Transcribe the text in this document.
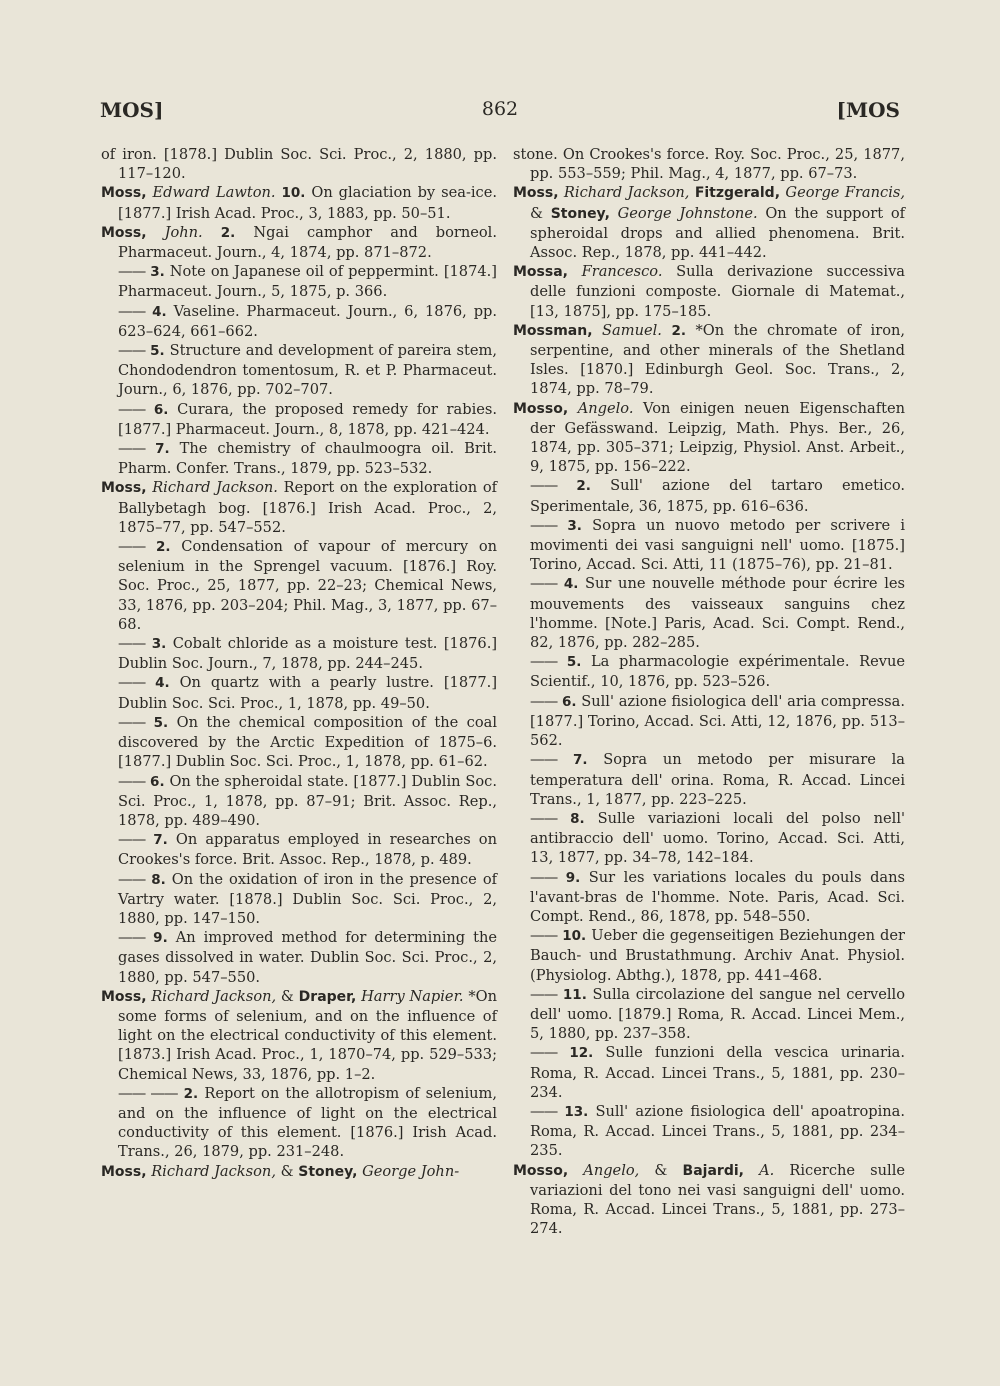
MOS]	862	[MOS

of iron. [1878.] Dublin Soc. Sci. Proc., 2, 1880, pp. 117–120.

Moss, Edward Lawton. 10. On glaciation by sea-ice. [1877.] Irish Acad. Proc., 3, 1883, pp. 50–51.

Moss, John. 2. Ngai camphor and borneol. Pharmaceut. Journ., 4, 1874, pp. 871–872.

—— 3. Note on Japanese oil of peppermint. [1874.] Pharmaceut. Journ., 5, 1875, p. 366.

—— 4. Vaseline. Pharmaceut. Journ., 6, 1876, pp. 623–624, 661–662.

—— 5. Structure and development of pareira stem, Chondodendron tomentosum, R. et P. Pharmaceut. Journ., 6, 1876, pp. 702–707.

—— 6. Curara, the proposed remedy for rabies. [1877.] Pharmaceut. Journ., 8, 1878, pp. 421–424.

—— 7. The chemistry of chaulmoogra oil. Brit. Pharm. Confer. Trans., 1879, pp. 523–532.

Moss, Richard Jackson. Report on the exploration of Ballybetagh bog. [1876.] Irish Acad. Proc., 2, 1875–77, pp. 547–552.

—— 2. Condensation of vapour of mercury on selenium in the Sprengel vacuum. [1876.] Roy. Soc. Proc., 25, 1877, pp. 22–23; Chemical News, 33, 1876, pp. 203–204; Phil. Mag., 3, 1877, pp. 67–68.

—— 3. Cobalt chloride as a moisture test. [1876.] Dublin Soc. Journ., 7, 1878, pp. 244–245.

—— 4. On quartz with a pearly lustre. [1877.] Dublin Soc. Sci. Proc., 1, 1878, pp. 49–50.

—— 5. On the chemical composition of the coal discovered by the Arctic Expedition of 1875–6. [1877.] Dublin Soc. Sci. Proc., 1, 1878, pp. 61–62.

—— 6. On the spheroidal state. [1877.] Dublin Soc. Sci. Proc., 1, 1878, pp. 87–91; Brit. Assoc. Rep., 1878, pp. 489–490.

—— 7. On apparatus employed in researches on Crookes's force. Brit. Assoc. Rep., 1878, p. 489.

—— 8. On the oxidation of iron in the presence of Vartry water. [1878.] Dublin Soc. Sci. Proc., 2, 1880, pp. 147–150.

—— 9. An improved method for determining the gases dissolved in water. Dublin Soc. Sci. Proc., 2, 1880, pp. 547–550.

Moss, Richard Jackson, & Draper, Harry Napier. *On some forms of selenium, and on the influence of light on the electrical conductivity of this element. [1873.] Irish Acad. Proc., 1, 1870–74, pp. 529–533; Chemical News, 33, 1876, pp. 1–2.

—— —— 2. Report on the allotropism of selenium, and on the influence of light on the electrical conductivity of this element. [1876.] Irish Acad. Trans., 26, 1879, pp. 231–248.

Moss, Richard Jackson, & Stoney, George John-

stone. On Crookes's force. Roy. Soc. Proc., 25, 1877, pp. 553–559; Phil. Mag., 4, 1877, pp. 67–73.

Moss, Richard Jackson, Fitzgerald, George Francis, & Stoney, George Johnstone. On the support of spheroidal drops and allied phenomena. Brit. Assoc. Rep., 1878, pp. 441–442.

Mossa, Francesco. Sulla derivazione successiva delle funzioni composte. Giornale di Matemat., [13, 1875], pp. 175–185.

Mossman, Samuel. 2. *On the chromate of iron, serpentine, and other minerals of the Shetland Isles. [1870.] Edinburgh Geol. Soc. Trans., 2, 1874, pp. 78–79.

Mosso, Angelo. Von einigen neuen Eigenschaften der Gefässwand. Leipzig, Math. Phys. Ber., 26, 1874, pp. 305–371; Leipzig, Physiol. Anst. Arbeit., 9, 1875, pp. 156–222.

—— 2. Sull' azione del tartaro emetico. Sperimentale, 36, 1875, pp. 616–636.

—— 3. Sopra un nuovo metodo per scrivere i movimenti dei vasi sanguigni nell' uomo. [1875.] Torino, Accad. Sci. Atti, 11 (1875–76), pp. 21–81.

—— 4. Sur une nouvelle méthode pour écrire les mouvements des vaisseaux sanguins chez l'homme. [Note.] Paris, Acad. Sci. Compt. Rend., 82, 1876, pp. 282–285.

—— 5. La pharmacologie expérimentale. Revue Scientif., 10, 1876, pp. 523–526.

—— 6. Sull' azione fisiologica dell' aria compressa. [1877.] Torino, Accad. Sci. Atti, 12, 1876, pp. 513–562.

—— 7. Sopra un metodo per misurare la temperatura dell' orina. Roma, R. Accad. Lincei Trans., 1, 1877, pp. 223–225.

—— 8. Sulle variazioni locali del polso nell' antibraccio dell' uomo. Torino, Accad. Sci. Atti, 13, 1877, pp. 34–78, 142–184.

—— 9. Sur les variations locales du pouls dans l'avant-bras de l'homme. Note. Paris, Acad. Sci. Compt. Rend., 86, 1878, pp. 548–550.

—— 10. Ueber die gegenseitigen Beziehungen der Bauch- und Brustathmung. Archiv Anat. Physiol. (Physiolog. Abthg.), 1878, pp. 441–468.

—— 11. Sulla circolazione del sangue nel cervello dell' uomo. [1879.] Roma, R. Accad. Lincei Mem., 5, 1880, pp. 237–358.

—— 12. Sulle funzioni della vescica urinaria. Roma, R. Accad. Lincei Trans., 5, 1881, pp. 230–234.

—— 13. Sull' azione fisiologica dell' apoatropina. Roma, R. Accad. Lincei Trans., 5, 1881, pp. 234–235.

Mosso, Angelo, & Bajardi, A. Ricerche sulle variazioni del tono nei vasi sanguigni dell' uomo. Roma, R. Accad. Lincei Trans., 5, 1881, pp. 273–274.
